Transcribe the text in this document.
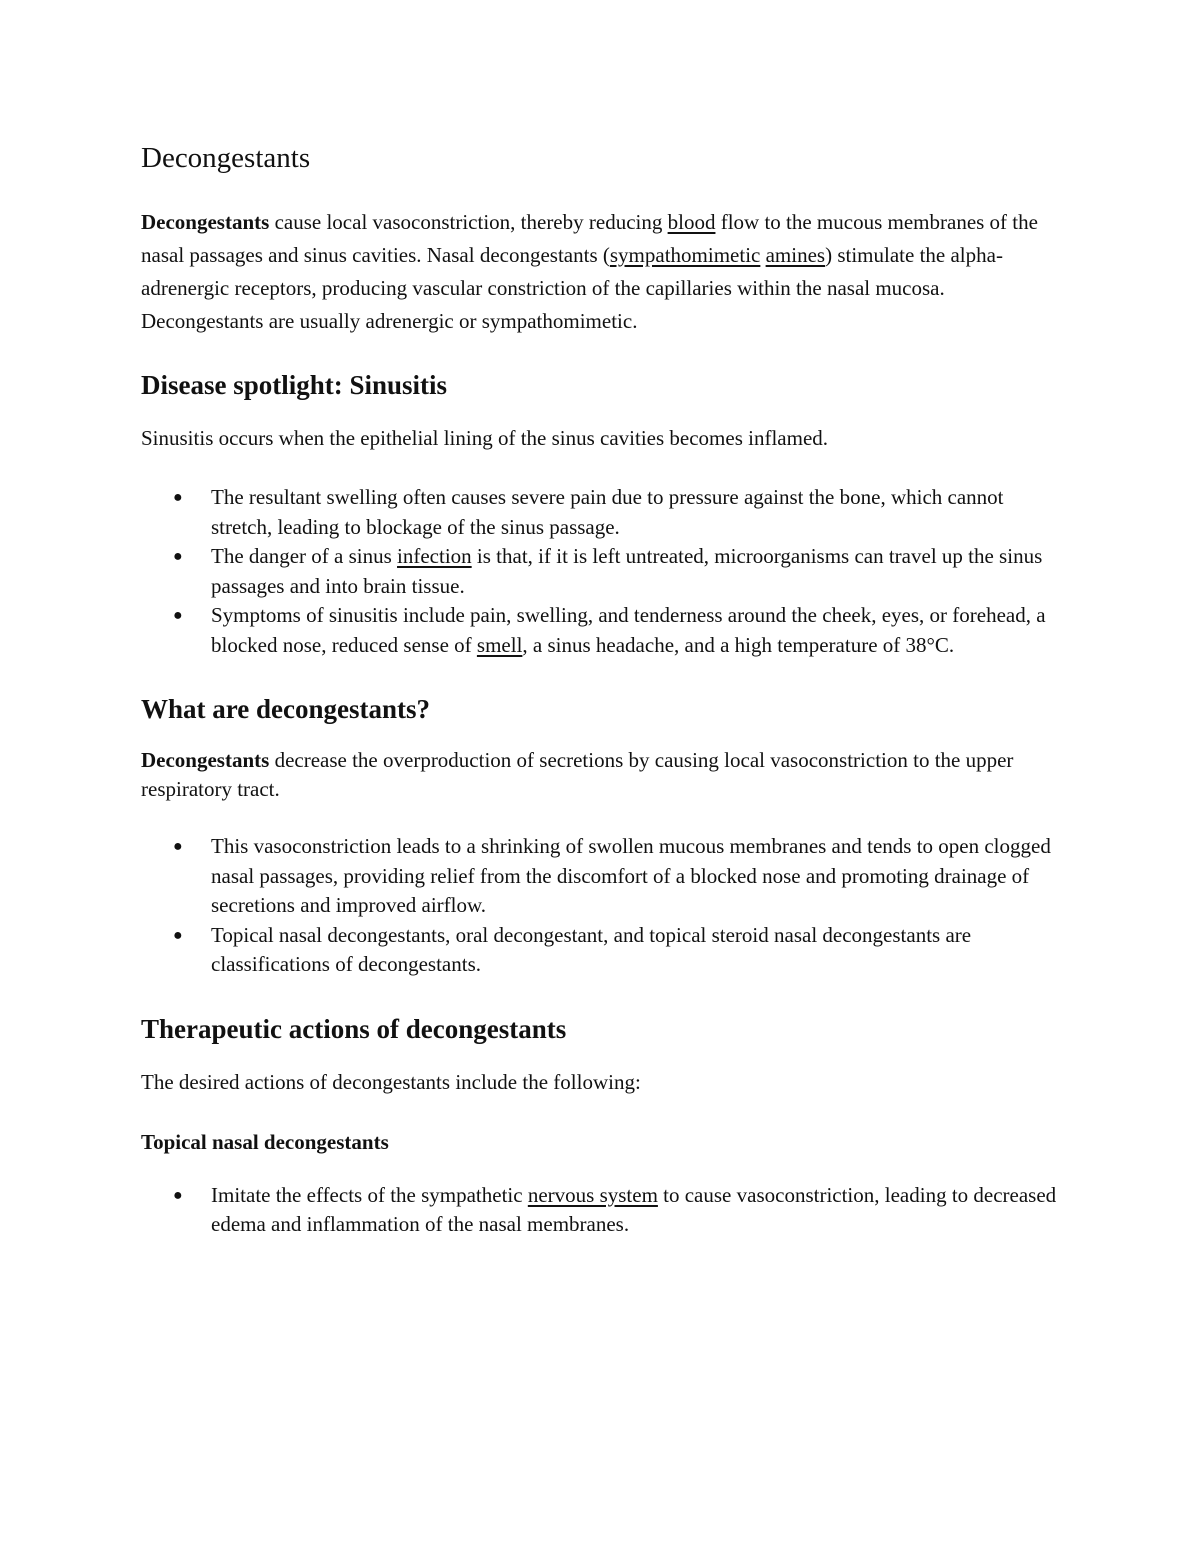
Decongestants

Decongestants cause local vasoconstriction, thereby reducing blood flow to the mucous membranes of the nasal passages and sinus cavities. Nasal decongestants (sympathomimetic amines) stimulate the alpha-adrenergic receptors, producing vascular constriction of the capillaries within the nasal mucosa. Decongestants are usually adrenergic or sympathomimetic.

Disease spotlight: Sinusitis

Sinusitis occurs when the epithelial lining of the sinus cavities becomes inflamed.

● The resultant swelling often causes severe pain due to pressure against the bone, which cannot stretch, leading to blockage of the sinus passage.
● The danger of a sinus infection is that, if it is left untreated, microorganisms can travel up the sinus passages and into brain tissue.
● Symptoms of sinusitis include pain, swelling, and tenderness around the cheek, eyes, or forehead, a blocked nose, reduced sense of smell, a sinus headache, and a high temperature of 38°C.
What are decongestants?

Decongestants decrease the overproduction of secretions by causing local vasoconstriction to the upper respiratory tract.

● This vasoconstriction leads to a shrinking of swollen mucous membranes and tends to open clogged nasal passages, providing relief from the discomfort of a blocked nose and promoting drainage of secretions and improved airflow.
● Topical nasal decongestants, oral decongestant, and topical steroid nasal decongestants are classifications of decongestants.
Therapeutic actions of decongestants

The desired actions of decongestants include the following:

Topical nasal decongestants
● Imitate the effects of the sympathetic nervous system to cause vasoconstriction, leading to decreased edema and inflammation of the nasal membranes.
